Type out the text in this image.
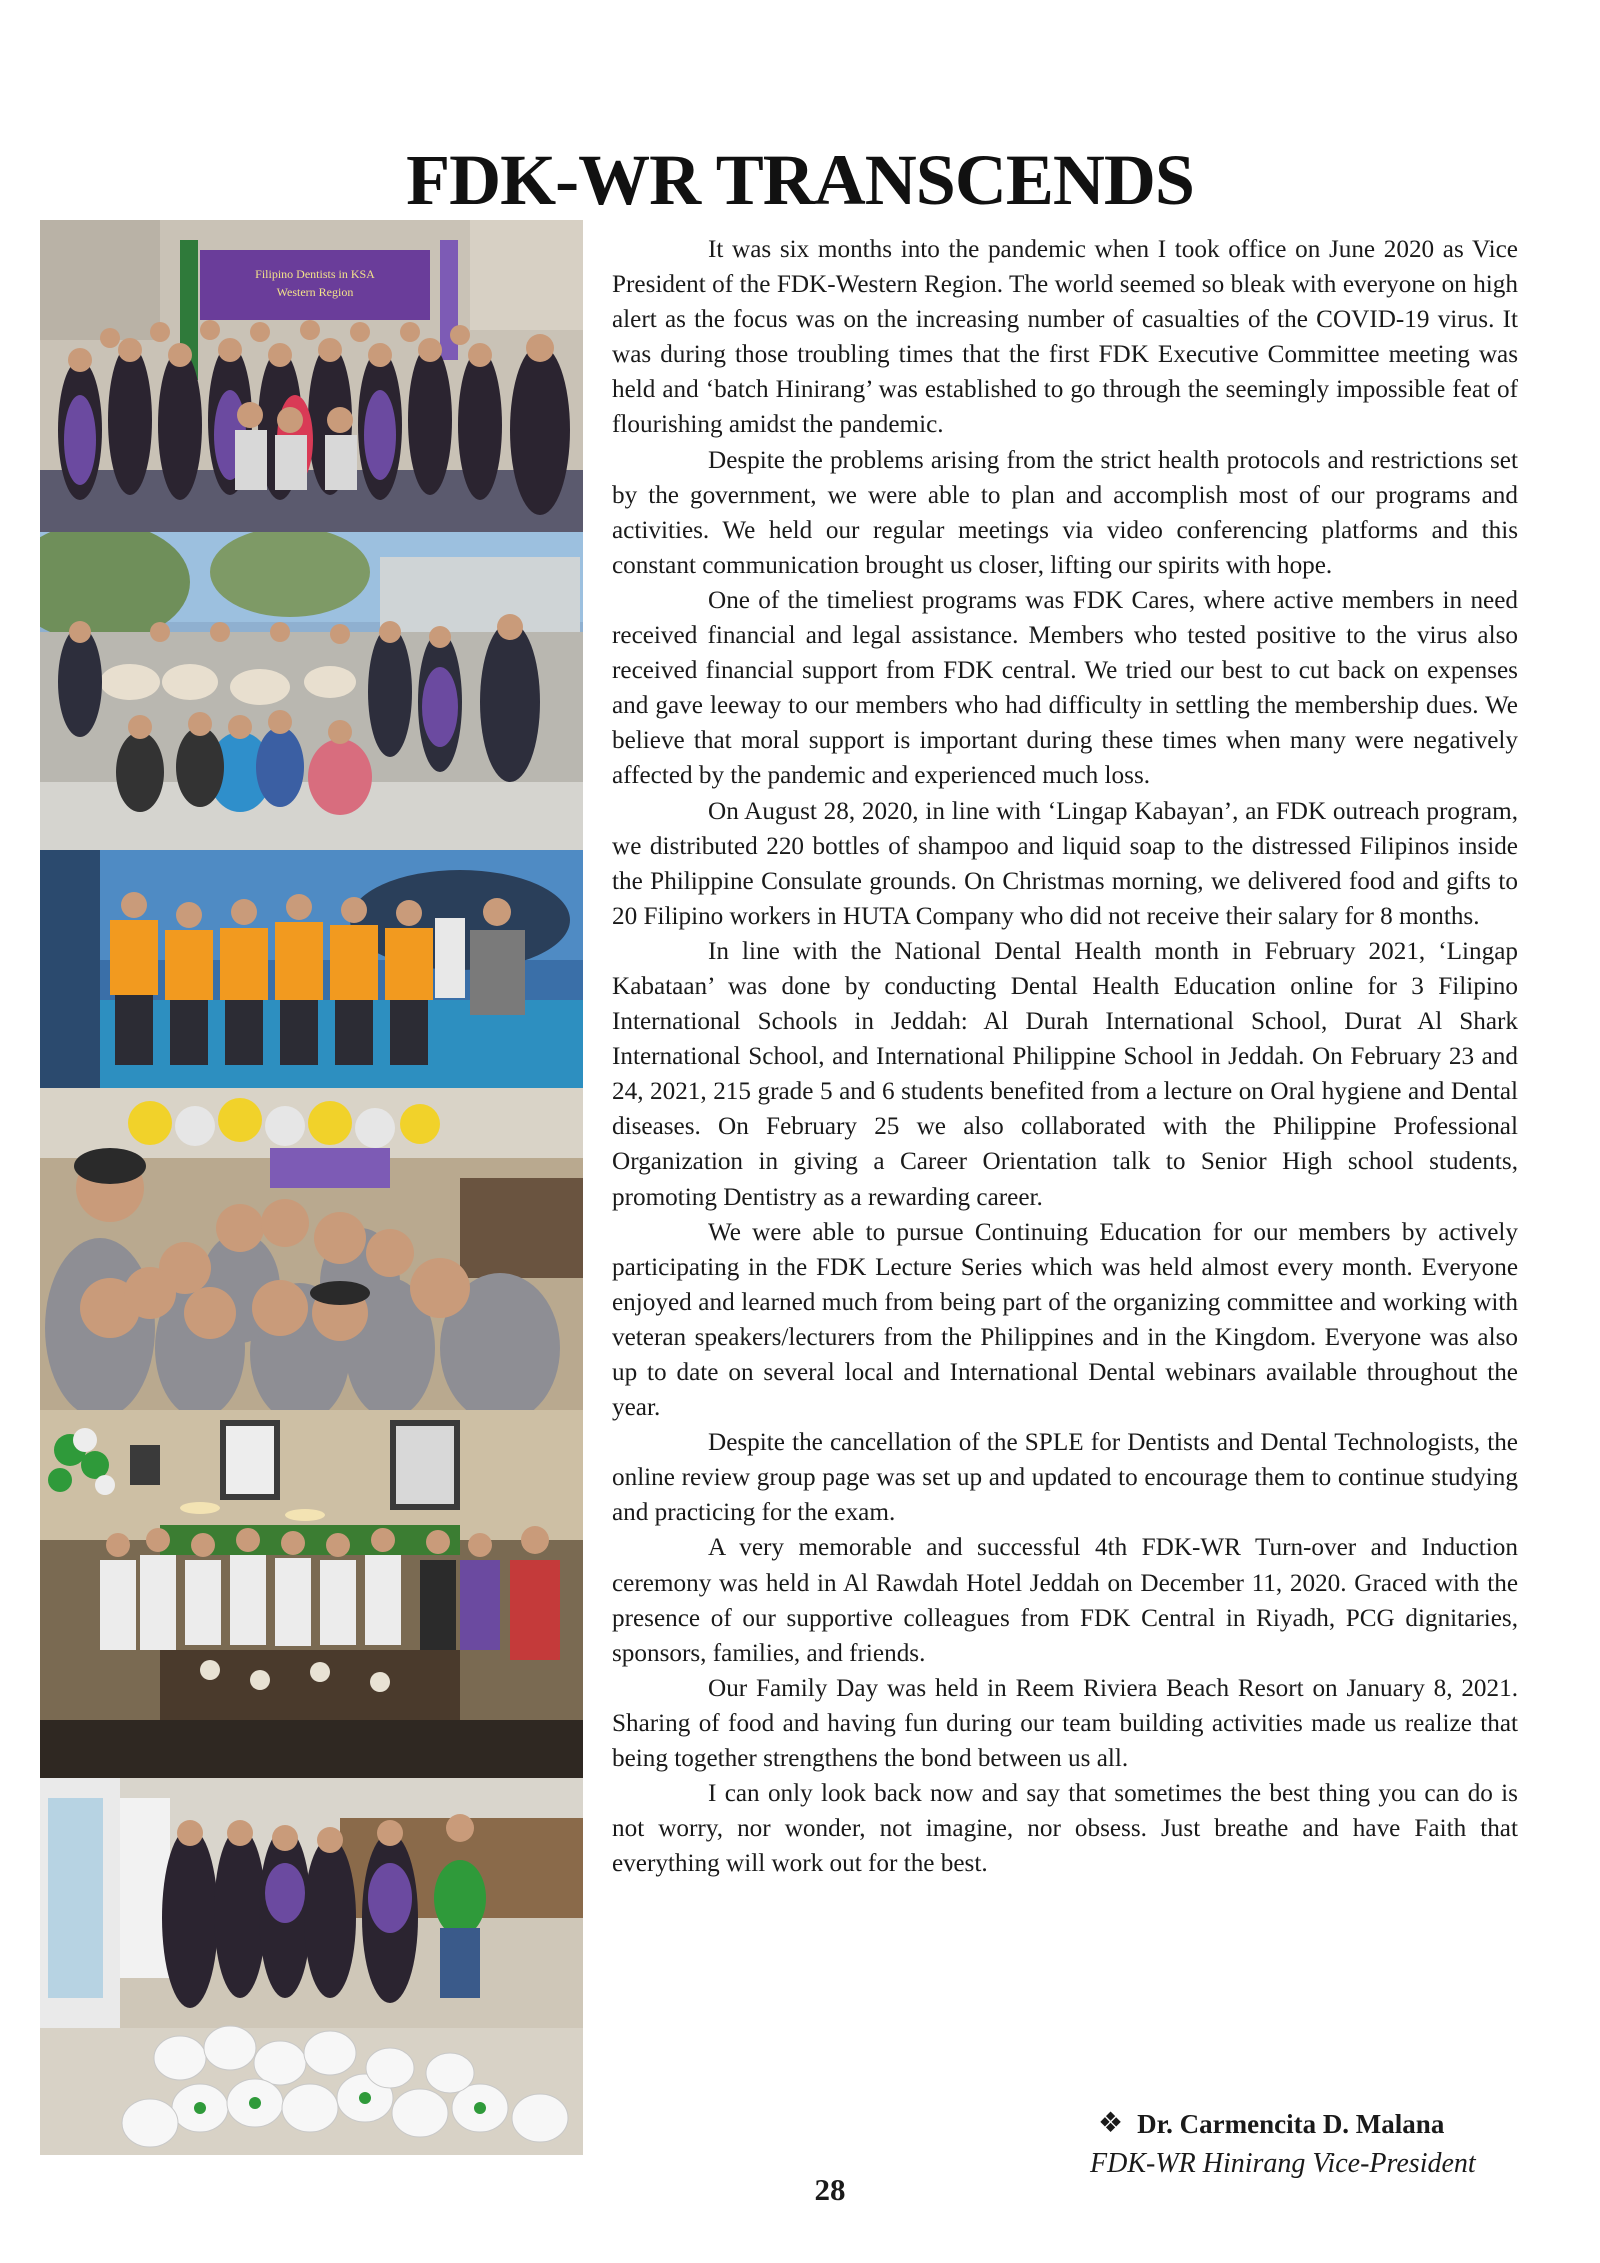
FDK-WR TRANSCENDS
Filipino Dentists in KSA
Western Region

It was six months into the pandemic when I took office on June 2020 as Vice President of the FDK-Western Region. The world seemed so bleak with everyone on high alert as the focus was on the increasing number of casualties of the COVID-19 virus. It was during those troubling times that the first FDK Executive Committee meeting was held and ‘batch Hinirang’ was established to go through the seemingly impossible feat of flourishing amidst the pandemic.

Despite the problems arising from the strict health protocols and restrictions set by the government, we were able to plan and accomplish most of our programs and activities. We held our regular meetings via video conferencing platforms and this constant communication brought us closer, lifting our spirits with hope.

One of the timeliest programs was FDK Cares, where active members in need received financial and legal assistance. Members who tested positive to the virus also received financial support from FDK central. We tried our best to cut back on expenses and gave leeway to our members who had difficulty in settling the membership dues. We believe that moral support is important during these times when many were negatively affected by the pandemic and experienced much loss.

On August 28, 2020, in line with ‘Lingap Kabayan’, an FDK outreach program, we distributed 220 bottles of shampoo and liquid soap to the distressed Filipinos inside the Philippine Consulate grounds. On Christmas morning, we delivered food and gifts to 20 Filipino workers in HUTA Company who did not receive their salary for 8 months.

In line with the National Dental Health month in February 2021, ‘Lingap Kabataan’ was done by conducting Dental Health Education online for 3 Filipino International Schools in Jeddah: Al Durah International School, Durat Al Shark International School, and International Philippine School in Jeddah. On February 23 and 24, 2021, 215 grade 5 and 6 students benefited from a lecture on Oral hygiene and Dental diseases. On February 25 we also collaborated with the Philippine Professional Organization in giving a Career Orientation talk to Senior High school students, promoting Dentistry as a rewarding career.

We were able to pursue Continuing Education for our members by actively participating in the FDK Lecture Series which was held almost every month. Everyone enjoyed and learned much from being part of the organizing committee and working with veteran speakers/lecturers from the Philippines and in the Kingdom. Everyone was also up to date on several local and International Dental webinars available throughout the year.

Despite the cancellation of the SPLE for Dentists and Dental Technologists, the online review group page was set up and updated to encourage them to continue studying and practicing for the exam.

A very memorable and successful 4th FDK-WR Turn-over and Induction ceremony was held in Al Rawdah Hotel Jeddah on December 11, 2020. Graced with the presence of our supportive colleagues from FDK Central in Riyadh, PCG dignitaries, sponsors, families, and friends.

Our Family Day was held in Reem Riviera Beach Resort on January 8, 2021. Sharing of food and having fun during our team building activities made us realize that being together strengthens the bond between us all.

I can only look back now and say that sometimes the best thing you can do is not worry, nor wonder, not imagine, nor obsess. Just breathe and have Faith that everything will work out for the best.

❖ Dr. Carmencita D. Malana
FDK-WR Hinirang Vice-President
28
